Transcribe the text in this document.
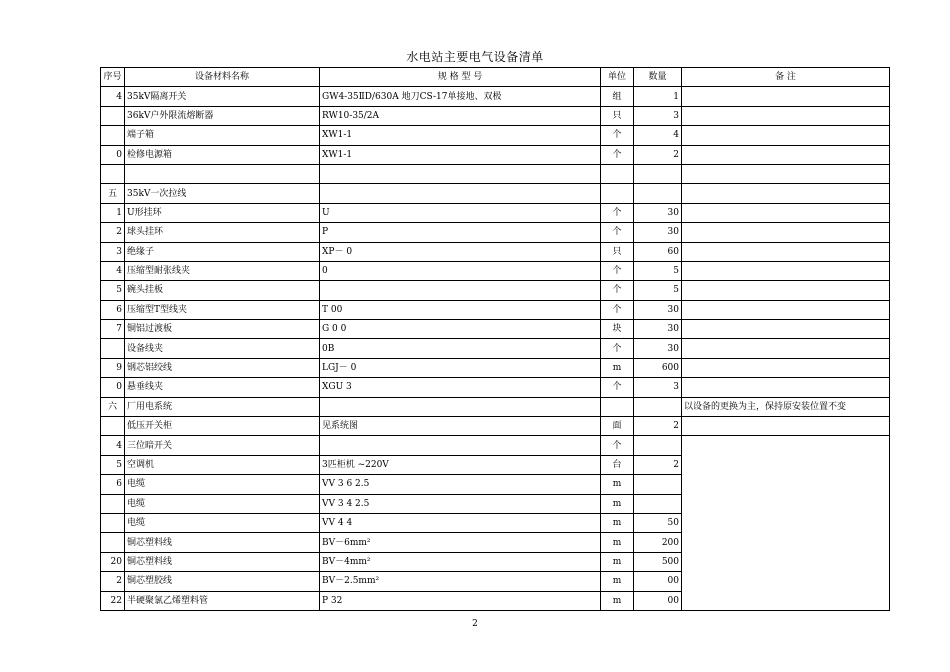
水电站主要电气设备清单
序号	设备材料名称	规 格 型 号	单位	数量	备 注
4	35kV隔离开关	GW4-35ⅡD/630A 地刀CS-17单接地、双极	组	1	
	36kV户外限流熔断器	RW10-35/2A	只	3	
	端子箱	XW1-1	个	4	
0	检修电源箱	XW1-1	个	2	

五	35kV一次拉线				
1	U形挂环	U	个	30	
2	球头挂环	P	个	30	
3	绝缘子	XP－ 0	只	60	
4	压缩型耐张线夹	0	个	5	
5	碗头挂板		个	5	
6	压缩型T型线夹	T 00	个	30	
7	铜铝过渡板	G 0 0	块	30	
	设备线夹	0B	个	30	
9	钢芯铝绞线	LGJ－ 0	m	600	
0	悬垂线夹	XGU 3	个	3	
六	厂用电系统				以设备的更换为主，保持原安装位置不变
	低压开关柜	见系统图	面	2	
4	三位暗开关		个		
5	空调机	3匹柜机 ~220V	台	2	
6	电缆	VV 3 6 2.5	m		
	电缆	VV 3 4 2.5	m		
	电缆	VV 4 4	m	50	
	铜芯塑料线	BV－6mm²	m	200	
20	铜芯塑料线	BV－4mm²	m	500	
2	铜芯塑胶线	BV－2.5mm²	m	00	
22	半硬聚氯乙烯塑料管	P 32	m	00	
2
